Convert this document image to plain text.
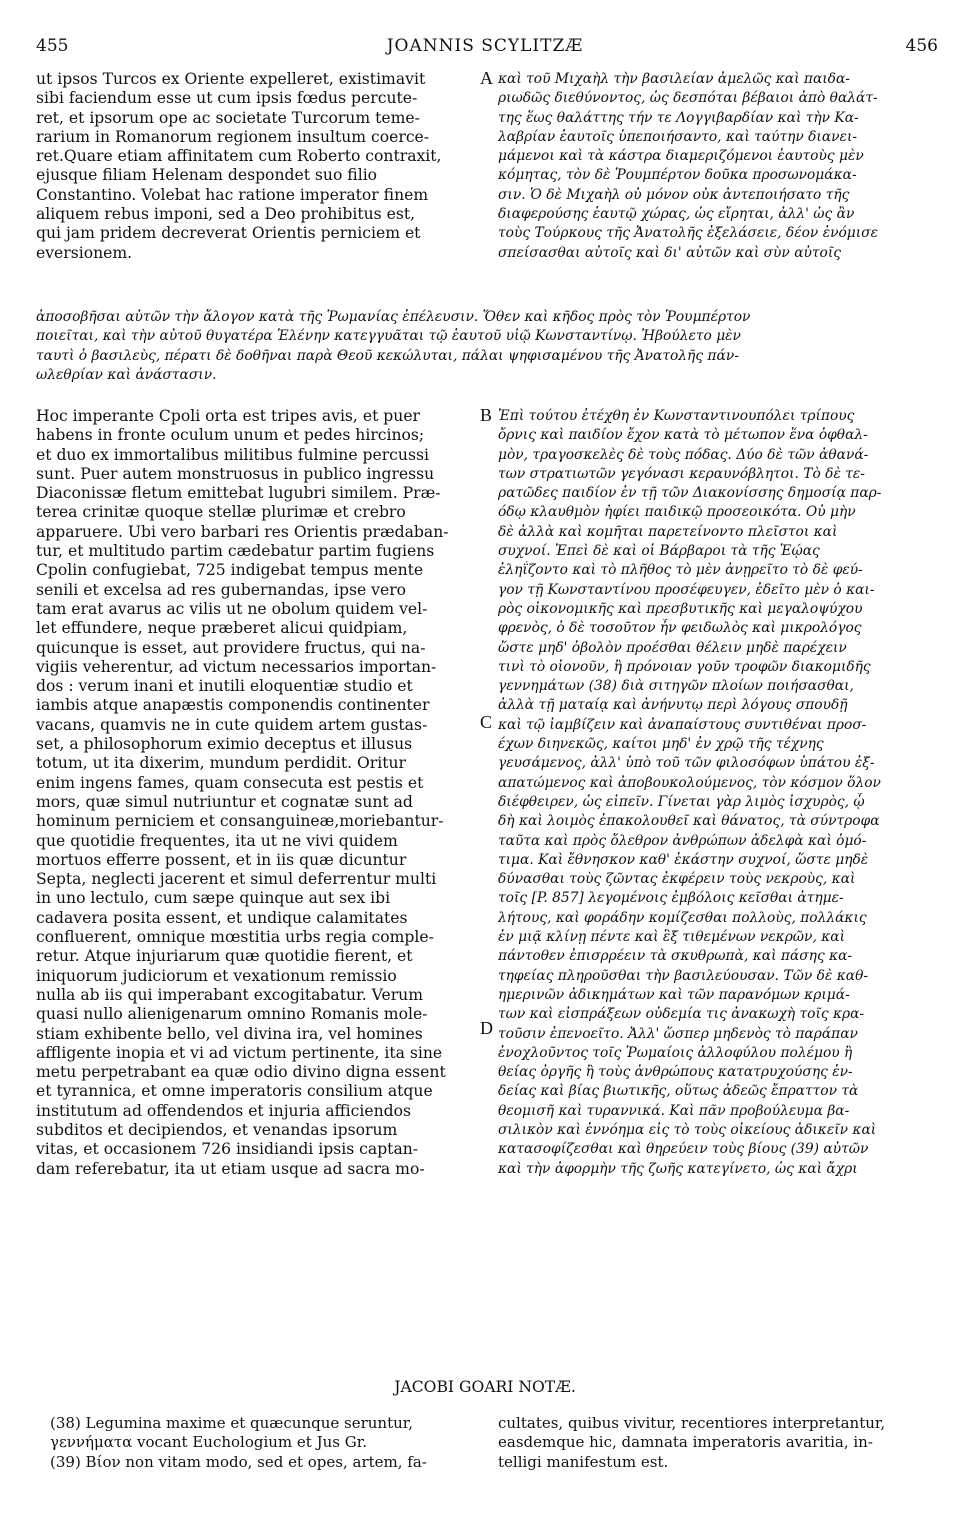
455	JOANNIS SCYLITZÆ	456
ut ipsos Turcos ex Oriente expelleret, existimavit
sibi faciendum esse ut cum ipsis fœdus percute-
ret, et ipsorum ope ac societate Turcorum teme-
rarium in Romanorum regionem insultum coerce-
ret.Quare etiam affinitatem cum Roberto contraxit,
ejusque filiam Helenam despondet suo filio
Constantino. Volebat hac ratione imperator finem
aliquem rebus imponi, sed a Deo prohibitus est,
qui jam pridem decreverat Orientis perniciem et
eversionem.
καὶ τοῦ Μιχαὴλ τὴν βασιλείαν ἀμελῶς καὶ παιδα-
ριωδῶς διεθύνοντος, ὡς δεσπόται βέβαιοι ἀπὸ θαλάτ-
της ἕως θαλάττης τήν τε Λογγιβαρδίαν καὶ τὴν Κα-
λαβρίαν ἑαυτοῖς ὑπεποιήσαντο, καὶ ταύτην διανει-
μάμενοι καὶ τὰ κάστρα διαμεριζόμενοι ἑαυτοὺς μὲν
κόμητας, τὸν δὲ Ῥουμπέρτον δοῦκα προσωνομάκα-
σιν. Ὁ δὲ Μιχαὴλ οὐ μόνον οὐκ ἀντεποιήσατο τῆς
διαφερούσης ἑαυτῷ χώρας, ὡς εἴρηται, ἀλλ' ὡς ἂν
τοὺς Τούρκους τῆς Ἀνατολῆς ἐξελάσειε, δέον ἐνόμισε
σπείσασθαι αὐτοῖς καὶ δι' αὐτῶν καὶ σὺν αὐτοῖς
ἀποσοβῆσαι αὐτῶν τὴν ἄλογον κατὰ τῆς Ῥωμανίας ἐπέλευσιν. Ὅθεν καὶ κῆδος πρὸς τὸν Ῥουμπέρτον
ποιεῖται, καὶ τὴν αὐτοῦ θυγατέρα Ἑλένην κατεγγυᾶται τῷ ἑαυτοῦ υἱῷ Κωνσταντίνῳ. Ἠβούλετο μὲν
ταυτὶ ὁ βασιλεὺς, πέρατι δὲ δοθῆναι παρὰ Θεοῦ κεκώλυται, πάλαι ψηφισαμένου τῆς Ἀνατολῆς πάν-
ωλεθρίαν καὶ ἀνάστασιν.
Hoc imperante Cpoli orta est tripes avis, et puer
habens in fronte oculum unum et pedes hircinos;
et duo ex immortalibus militibus fulmine percussi
sunt. Puer autem monstruosus in publico ingressu
Diaconissæ fletum emittebat lugubri similem. Præ-
terea crinitæ quoque stellæ plurimæ et crebro
apparuere. Ubi vero barbari res Orientis prædaban-
tur, et multitudo partim cædebatur partim fugiens
Cpolin confugiebat, 725 indigebat tempus mente
senili et excelsa ad res gubernandas, ipse vero
tam erat avarus ac vilis ut ne obolum quidem vel-
let effundere, neque præberet alicui quidpiam,
quicunque is esset, aut providere fructus, qui na-
vigiis veherentur, ad victum necessarios importan-
dos : verum inani et inutili eloquentiæ studio et
iambis atque anapæstis componendis continenter
vacans, quamvis ne in cute quidem artem gustas-
set, a philosophorum eximio deceptus et illusus
totum, ut ita dixerim, mundum perdidit. Oritur
enim ingens fames, quam consecuta est pestis et
mors, quæ simul nutriuntur et cognatæ sunt ad
hominum perniciem et consanguineæ,moriebantur-
que quotidie frequentes, ita ut ne vivi quidem
mortuos efferre possent, et in iis quæ dicuntur
Septa, neglecti jacerent et simul deferrentur multi
in uno lectulo, cum sæpe quinque aut sex ibi
cadavera posita essent, et undique calamitates
confluerent, omnique mœstitia urbs regia comple-
retur. Atque injuriarum quæ quotidie fierent, et
iniquorum judiciorum et vexationum remissio
nulla ab iis qui imperabant excogitabatur. Verum
quasi nullo alienigenarum omnino Romanis mole-
stiam exhibente bello, vel divina ira, vel homines
affligente inopia et vi ad victum pertinente, ita sine
metu perpetrabant ea quæ odio divino digna essent
et tyrannica, et omne imperatoris consilium atque
institutum ad offendendos et injuria afficiendos
subditos et decipiendos, et venandas ipsorum
vitas, et occasionem 726 insidiandi ipsis captan-
dam referebatur, ita ut etiam usque ad sacra mo-
Ἐπὶ τούτου ἐτέχθη ἐν Κωνσταντινουπόλει τρίπους
ὄρνις καὶ παιδίον ἔχον κατὰ τὸ μέτωπον ἕνα ὀφθαλ-
μὸν, τραγοσκελὲς δὲ τοὺς πόδας. Δύο δὲ τῶν ἀθανά-
των στρατιωτῶν γεγόνασι κεραυνόβλητοι. Τὸ δὲ τε-
ρατῶδες παιδίον ἐν τῇ τῶν Διακονίσσης δημοσίᾳ παρ-
όδῳ κλαυθμὸν ἠφίει παιδικῷ προσεοικότα. Οὐ μὴν
δὲ ἀλλὰ καὶ κομῆται παρετείνοντο πλεῖστοι καὶ
συχνοί. Ἐπεὶ δὲ καὶ οἱ Βάρβαροι τὰ τῆς Ἑῴας
ἐληΐζοντο καὶ τὸ πλῆθος τὸ μὲν ἀνῃρεῖτο τὸ δὲ φεύ-
γον τῇ Κωνσταντίνου προσέφευγεν, ἐδεῖτο μὲν ὁ και-
ρὸς οἰκονομικῆς καὶ πρεσβυτικῆς καὶ μεγαλοψύχου
φρενὸς, ὁ δὲ τοσοῦτον ἦν φειδωλὸς καὶ μικρολόγος
ὥστε μηδ' ὀβολὸν προέσθαι θέλειν μηδὲ παρέχειν
τινὶ τὸ οἱονοῦν, ἢ πρόνοιαν γοῦν τροφῶν διακομιδῆς
γεννημάτων (38) διὰ σιτηγῶν πλοίων ποιήσασθαι,
ἀλλὰ τῇ ματαίᾳ καὶ ἀνήνυτῳ περὶ λόγους σπουδῇ
καὶ τῷ ἰαμβίζειν καὶ ἀναπαίστους συντιθέναι προσ-
έχων διηνεκῶς, καίτοι μηδ' ἐν χρῷ τῆς τέχνης
γευσάμενος, ἀλλ' ὑπὸ τοῦ τῶν φιλοσόφων ὑπάτου ἐξ-
απατώμενος καὶ ἀποβουκολούμενος, τὸν κόσμον ὅλον
διέφθειρεν, ὡς εἰπεῖν. Γίνεται γὰρ λιμὸς ἰσχυρὸς, ᾧ
δὴ καὶ λοιμὸς ἐπακολουθεῖ καὶ θάνατος, τὰ σύντροφα
ταῦτα καὶ πρὸς ὄλεθρον ἀνθρώπων ἀδελφὰ καὶ ὁμό-
τιμα. Καὶ ἔθνησκον καθ' ἑκάστην συχνοί, ὥστε μηδὲ
δύνασθαι τοὺς ζῶντας ἐκφέρειν τοὺς νεκροὺς, καὶ
τοῖς [P. 857] λεγομένοις ἐμβόλοις κεῖσθαι ἀτημε-
λήτους, καὶ φοράδην κομίζεσθαι πολλοὺς, πολλάκις
ἐν μιᾷ κλίνῃ πέντε καὶ ἓξ τιθεμένων νεκρῶν, καὶ
πάντοθεν ἐπισρρέειν τὰ σκυθρωπὰ, καὶ πάσης κα-
τηφείας πληροῦσθαι τὴν βασιλεύουσαν. Τῶν δὲ καθ-
ημερινῶν ἀδικημάτων καὶ τῶν παρανόμων κριμά-
των καὶ εἰσπράξεων οὐδεμία τις ἀνακωχὴ τοῖς κρα-
τοῦσιν ἐπενοεῖτο. Ἀλλ' ὥσπερ μηδενὸς τὸ παράπαν
ἐνοχλοῦντος τοῖς Ῥωμαίοις ἀλλοφύλου πολέμου ἢ
θείας ὀργῆς ἢ τοὺς ἀνθρώπους κατατρυχούσης ἐν-
δείας καὶ βίας βιωτικῆς, οὕτως ἀδεῶς ἔπραττον τὰ
θεομισῆ καὶ τυραννικά. Καὶ πᾶν προβούλευμα βα-
σιλικὸν καὶ ἐννόημα εἰς τὸ τοὺς οἰκείους ἀδικεῖν καὶ
κατασοφίζεσθαι καὶ θηρεύειν τοὺς βίους (39) αὐτῶν
καὶ τὴν ἀφορμὴν τῆς ζωῆς κατεγίνετο, ὡς καὶ ἄχρι
A
B
C
D
JACOBI GOARI NOTÆ.
(38) Legumina maxime et quæcunque seruntur,
γεννήματα vocant Euchologium et Jus Gr.
(39) Bίον non vitam modo, sed et opes, artem, fa-
cultates, quibus vivitur, recentiores interpretantur,
easdemque hic, damnata imperatoris avaritia, in-
telligi manifestum est.
